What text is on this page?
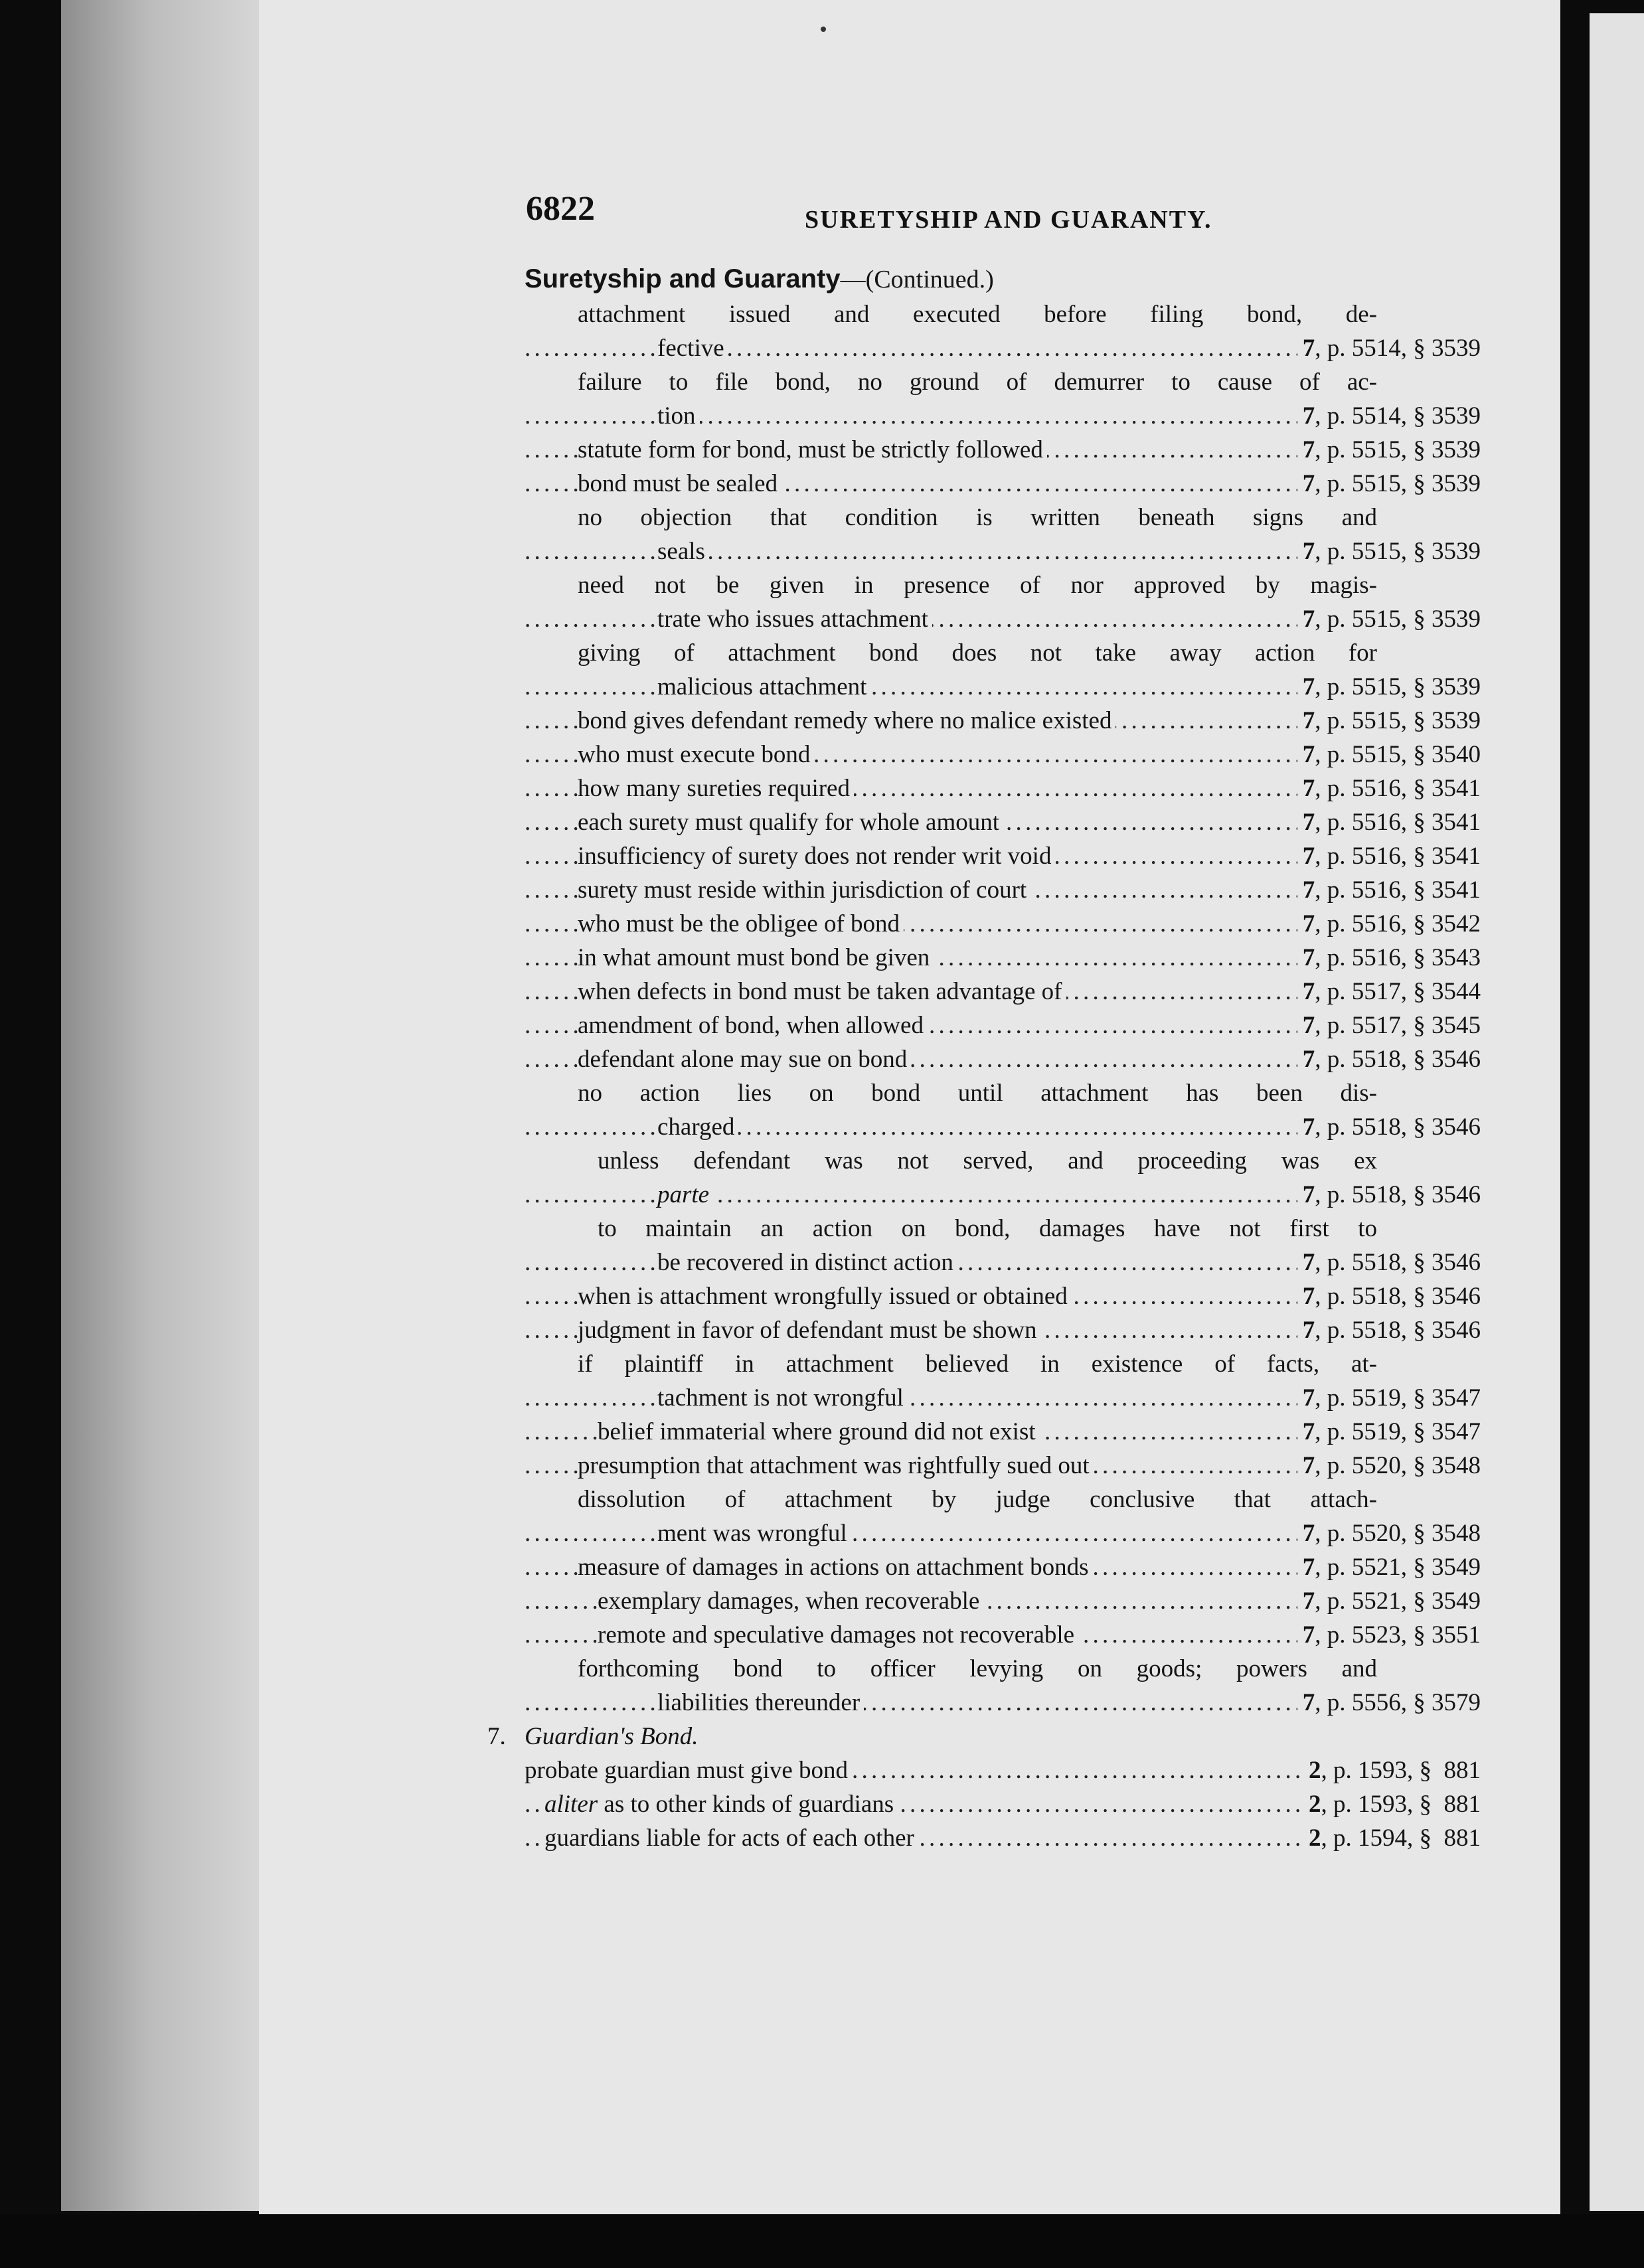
6822	SURETYSHIP AND GUARANTY.
Suretyship and Guaranty—(Continued.)
attachment issued and executed before filing bond, de-
fective	7, p. 5514, § 3539
. . .
failure to file bond, no ground of demurrer to cause of ac-
tion	7, p. 5514, § 3539
. . .
statute form for bond, must be strictly followed	7, p. 5515, § 3539
. . .
bond must be sealed	7, p. 5515, § 3539
. . .
no objection that condition is written beneath signs and
seals	7, p. 5515, § 3539
. . .
need not be given in presence of nor approved by magis-
trate who issues attachment	7, p. 5515, § 3539
. . .
giving of attachment bond does not take away action for
malicious attachment	7, p. 5515, § 3539
. . .
bond gives defendant remedy where no malice existed	7, p. 5515, § 3539
. . .
who must execute bond	7, p. 5515, § 3540
. . .
how many sureties required	7, p. 5516, § 3541
. . .
each surety must qualify for whole amount	7, p. 5516, § 3541
. . .
insufficiency of surety does not render writ void	7, p. 5516, § 3541
. . .
surety must reside within jurisdiction of court	7, p. 5516, § 3541
. . .
who must be the obligee of bond	7, p. 5516, § 3542
. . .
in what amount must bond be given	7, p. 5516, § 3543
. . .
when defects in bond must be taken advantage of	7, p. 5517, § 3544
. . .
amendment of bond, when allowed	7, p. 5517, § 3545
. . .
defendant alone may sue on bond	7, p. 5518, § 3546
. . .
no action lies on bond until attachment has been dis-
charged	7, p. 5518, § 3546
. . .
unless defendant was not served, and proceeding was ex
parte	7, p. 5518, § 3546
. . .
to maintain an action on bond, damages have not first to
be recovered in distinct action	7, p. 5518, § 3546
. . .
when is attachment wrongfully issued or obtained	7, p. 5518, § 3546
. . .
judgment in favor of defendant must be shown	7, p. 5518, § 3546
. . .
if plaintiff in attachment believed in existence of facts, at-
tachment is not wrongful	7, p. 5519, § 3547
. . .
belief immaterial where ground did not exist	7, p. 5519, § 3547
. . .
presumption that attachment was rightfully sued out	7, p. 5520, § 3548
. . .
dissolution of attachment by judge conclusive that attach-
ment was wrongful	7, p. 5520, § 3548
. . .
measure of damages in actions on attachment bonds	7, p. 5521, § 3549
. . .
exemplary damages, when recoverable	7, p. 5521, § 3549
. . .
remote and speculative damages not recoverable	7, p. 5523, § 3551
. . .
forthcoming bond to officer levying on goods; powers and
liabilities thereunder	7, p. 5556, § 3579
. . .
7. Guardian's Bond.
probate guardian must give bond	2, p. 1593, §  881
. . .
aliter as to other kinds of guardians	2, p. 1593, §  881
. . .
guardians liable for acts of each other	2, p. 1594, §  881
. . .
